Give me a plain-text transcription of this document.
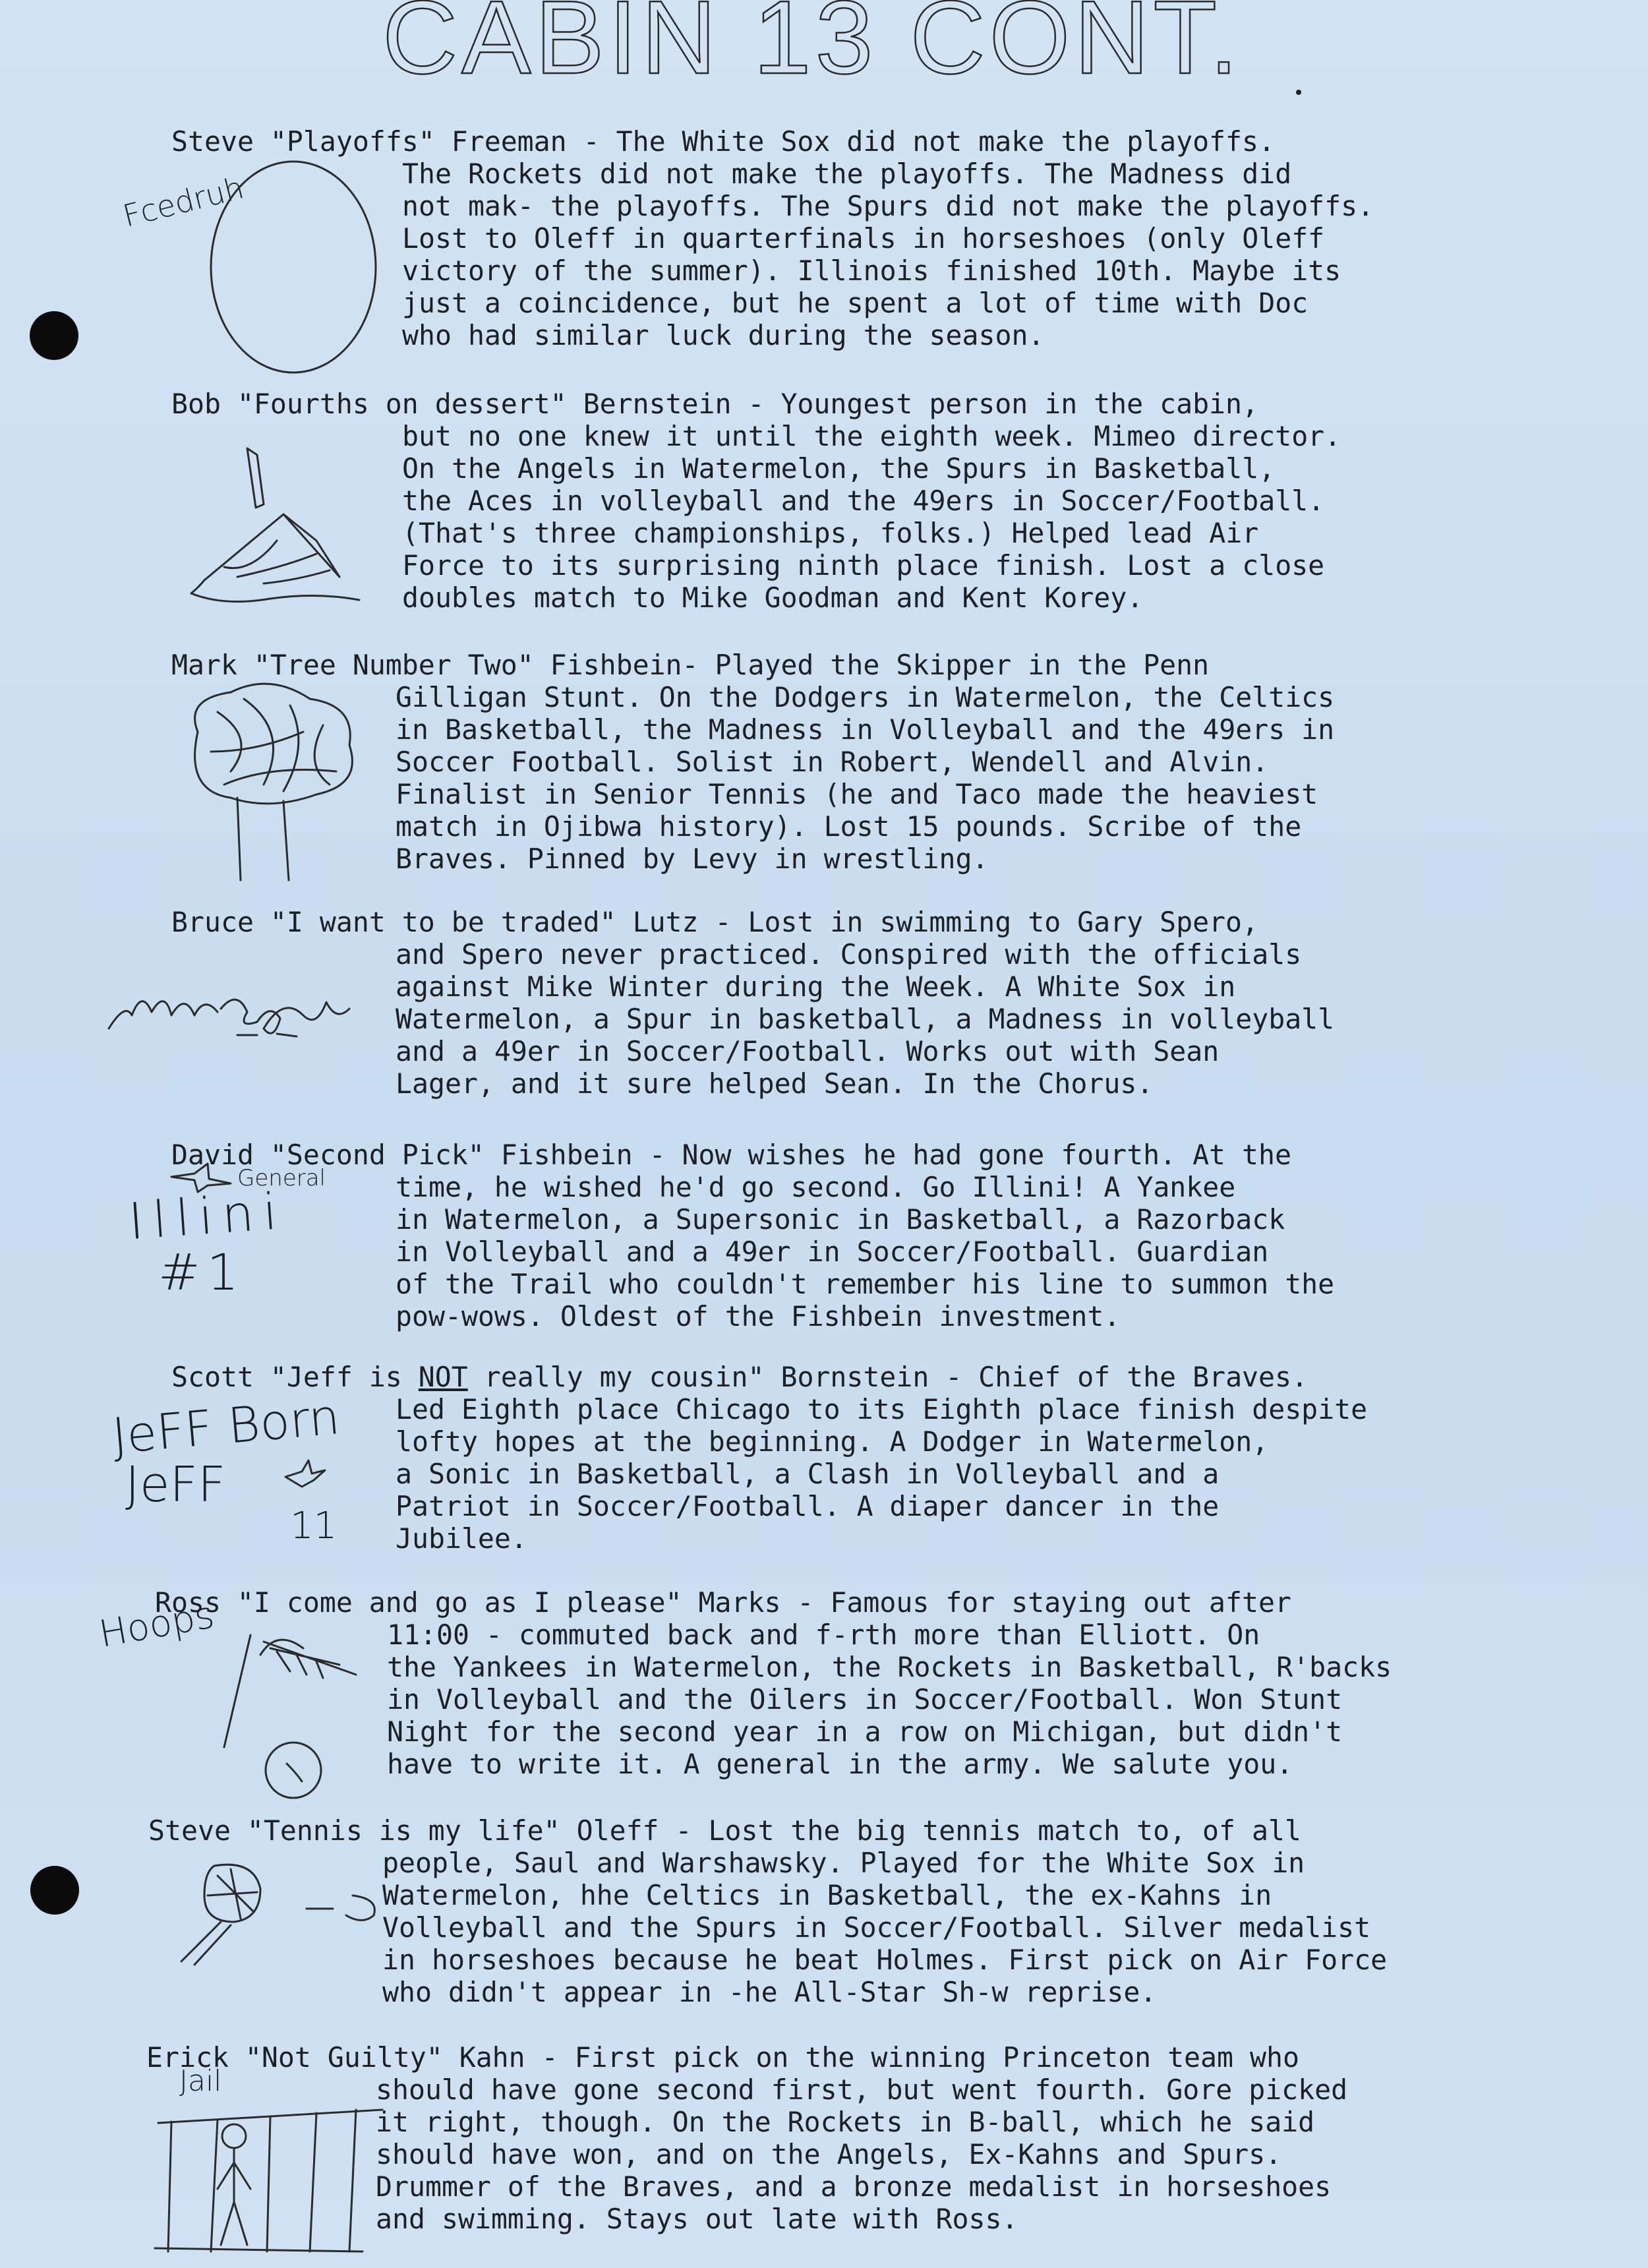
CABIN 13 CONT.

Steve "Playoffs" Freeman - The White Sox did not make the playoffs.

The Rockets did not make the playoffs. The Madness did

not mak- the playoffs. The Spurs did not make the playoffs.

Lost to Oleff in quarterfinals in horseshoes (only Oleff

victory of the summer). Illinois finished 10th. Maybe its

just a coincidence, but he spent a lot of time with Doc

who had similar luck during the season.

Fcedruh

Bob "Fourths on dessert" Bernstein - Youngest person in the cabin,

but no one knew it until the eighth week. Mimeo director.

On the Angels in Watermelon, the Spurs in Basketball,

the Aces in volleyball and the 49ers in Soccer/Football.

(That's three championships, folks.) Helped lead Air

Force to its surprising ninth place finish. Lost a close

doubles match to Mike Goodman and Kent Korey.

Mark "Tree Number Two" Fishbein- Played the Skipper in the Penn

Gilligan Stunt. On the Dodgers in Watermelon, the Celtics

in Basketball, the Madness in Volleyball and the 49ers in

Soccer Football. Solist in Robert, Wendell and Alvin.

Finalist in Senior Tennis (he and Taco made the heaviest

match in Ojibwa history). Lost 15 pounds. Scribe of the

Braves. Pinned by Levy in wrestling.

Bruce "I want to be traded" Lutz - Lost in swimming to Gary Spero,

and Spero never practiced. Conspired with the officials

against Mike Winter during the Week. A White Sox in

Watermelon, a Spur in basketball, a Madness in volleyball

and a 49er in Soccer/Football. Works out with Sean

Lager, and it sure helped Sean. In the Chorus.

David "Second Pick" Fishbein - Now wishes he had gone fourth. At the

time, he wished he'd go second. Go Illini! A Yankee

in Watermelon, a Supersonic in Basketball, a Razorback

in Volleyball and a 49er in Soccer/Football. Guardian

of the Trail who couldn't remember his line to summon the

pow-wows. Oldest of the Fishbein investment.

General

Illini

#1

Scott "Jeff is NOT really my cousin" Bornstein - Chief of the Braves.

Led Eighth place Chicago to its Eighth place finish despite

lofty hopes at the beginning. A Dodger in Watermelon,

a Sonic in Basketball, a Clash in Volleyball and a

Patriot in Soccer/Football. A diaper dancer in the

Jubilee.

JeFF Born

JeFF

11

Ross "I come and go as I please" Marks - Famous for staying out after

11:00 - commuted back and f-rth more than Elliott. On

the Yankees in Watermelon, the Rockets in Basketball, R'backs

in Volleyball and the Oilers in Soccer/Football. Won Stunt

Night for the second year in a row on Michigan, but didn't

have to write it. A general in the army. We salute you.

Hoops

Steve "Tennis is my life" Oleff - Lost the big tennis match to, of all

people, Saul and Warshawsky. Played for the White Sox in

Watermelon, hhe Celtics in Basketball, the ex-Kahns in

Volleyball and the Spurs in Soccer/Football. Silver medalist

in horseshoes because he beat Holmes. First pick on Air Force

who didn't appear in -he All-Star Sh-w reprise.

Erick "Not Guilty" Kahn - First pick on the winning Princeton team who

should have gone second first, but went fourth. Gore picked

it right, though. On the Rockets in B-ball, which he said

should have won, and on the Angels, Ex-Kahns and Spurs.

Drummer of the Braves, and a bronze medalist in horseshoes

and swimming. Stays out late with Ross.

Jail
